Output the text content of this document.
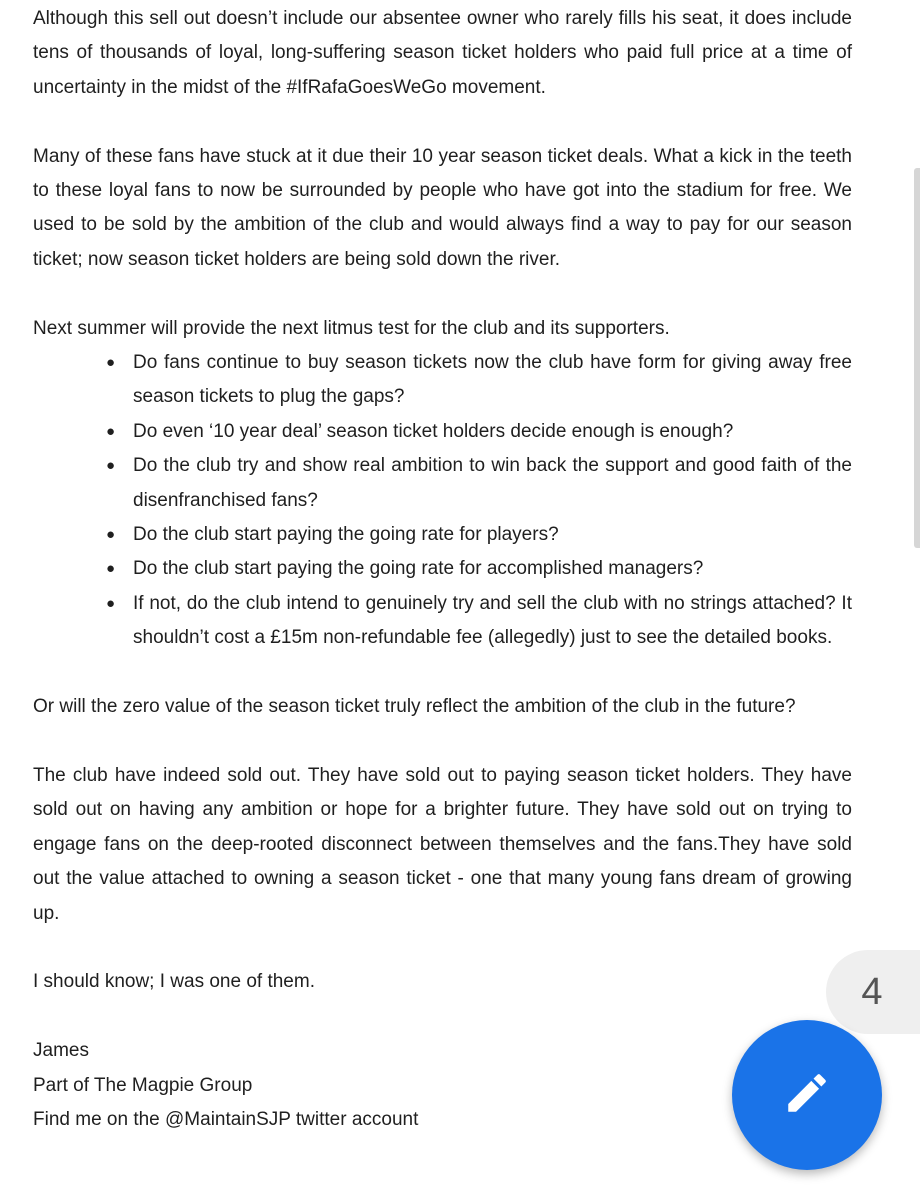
Although this sell out doesn’t include our absentee owner who rarely fills his seat, it does include tens of thousands of loyal, long-suffering season ticket holders who paid full price at a time of uncertainty in the midst of the #IfRafaGoesWeGo movement.

Many of these fans have stuck at it due their 10 year season ticket deals. What a kick in the teeth to these loyal fans to now be surrounded by people who have got into the stadium for free. We used to be sold by the ambition of the club and would always find a way to pay for our season ticket; now season ticket holders are being sold down the river.

Next summer will provide the next litmus test for the club and its supporters.

● Do fans continue to buy season tickets now the club have form for giving away free season tickets to plug the gaps?
● Do even ‘10 year deal’ season ticket holders decide enough is enough?
● Do the club try and show real ambition to win back the support and good faith of the disenfranchised fans?
● Do the club start paying the going rate for players?
● Do the club start paying the going rate for accomplished managers?
● If not, do the club intend to genuinely try and sell the club with no strings attached? It shouldn’t cost a £15m non-refundable fee (allegedly) just to see the detailed books.

Or will the zero value of the season ticket truly reflect the ambition of the club in the future?

The club have indeed sold out. They have sold out to paying season ticket holders. They have sold out on having any ambition or hope for a brighter future. They have sold out on trying to engage fans on the deep-rooted disconnect between themselves and the fans.They have sold out the value attached to owning a season ticket - one that many young fans dream of growing up.

I should know; I was one of them.

James

Part of The Magpie Group

Find me on the @MaintainSJP twitter account

4
